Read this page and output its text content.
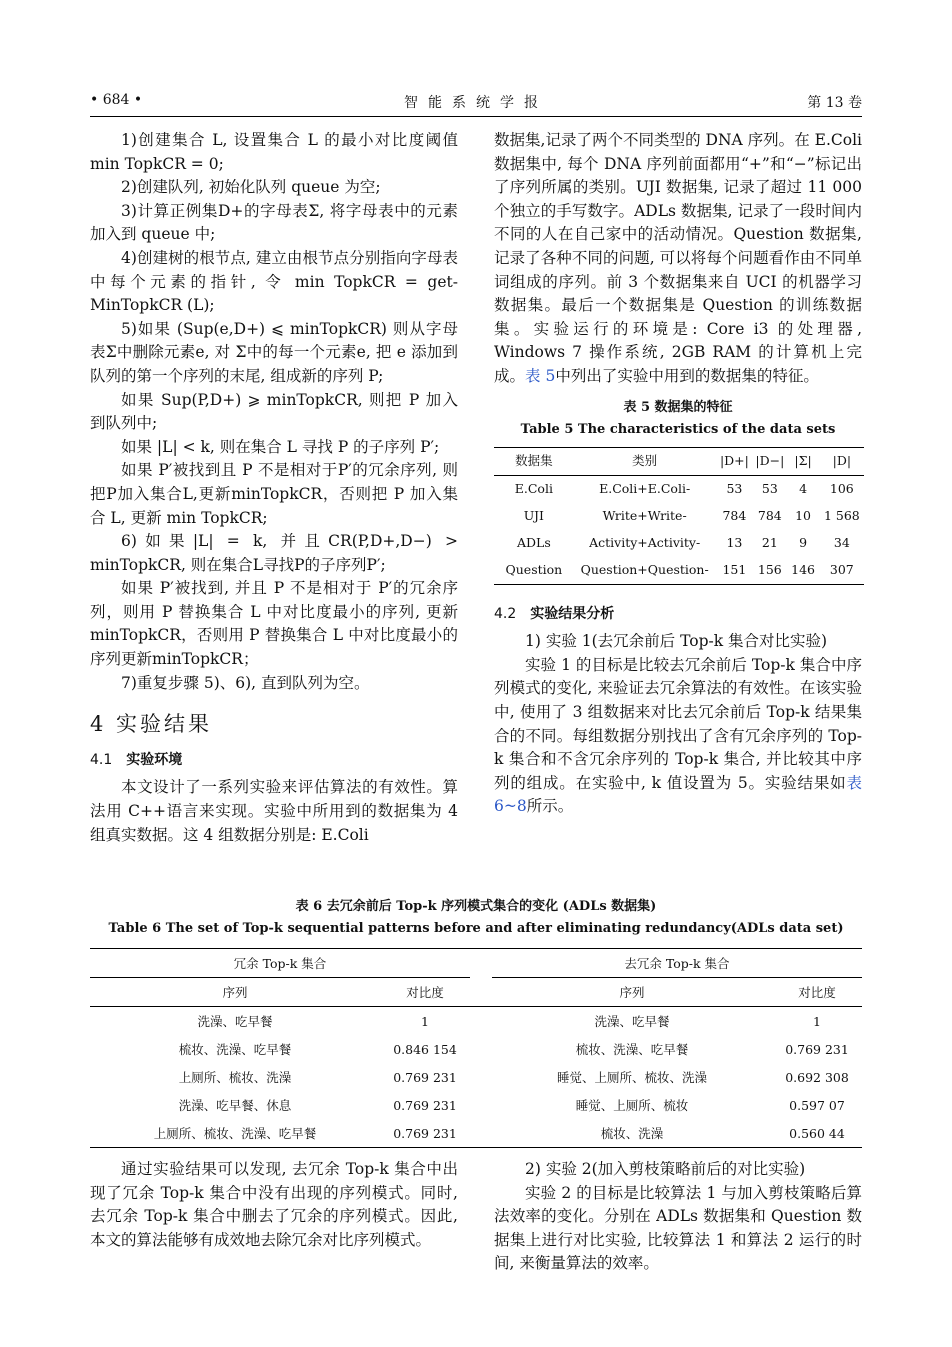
• 684 •	智能系统学报	第 13 卷

1)创建集合 L, 设置集合 L 的最小对比度阈值min TopkCR = 0;

2)创建队列, 初始化队列 queue 为空;

3)计算正例集D+的字母表Σ, 将字母表中的元素加入到 queue 中;

4)创建树的根节点, 建立由根节点分别指向字母表中每个元素的指针, 令 min TopkCR = get-MinTopkCR (L);

5)如果 (Sup(e,D+) ⩽ minTopkCR) 则从字母表Σ中删除元素e, 对 Σ中的每一个元素e, 把 e 添加到队列的第一个序列的末尾, 组成新的序列 P;

如果 Sup(P,D+) ⩾ minTopkCR, 则把 P 加入到队列中;

如果 |L| < k, 则在集合 L 寻找 P 的子序列 P′;

如果 P′被找到且 P 不是相对于P′的冗余序列, 则把P加入集合L,更新minTopkCR，否则把 P 加入集合 L, 更新 min TopkCR;

6)如果|L| = k, 并且CR(P,D+,D−) > minTopkCR, 则在集合L寻找P的子序列P′;

如果 P′被找到, 并且 P 不是相对于 P′的冗余序列，则用 P 替换集合 L 中对比度最小的序列, 更新minTopkCR，否则用 P 替换集合 L 中对比度最小的序列更新minTopkCR；

7)重复步骤 5)、6), 直到队列为空。

4 实验结果
4.1 实验环境

本文设计了一系列实验来评估算法的有效性。算法用 C++语言来实现。实验中所用到的数据集为 4 组真实数据。这 4 组数据分别是: E.Coli

数据集,记录了两个不同类型的 DNA 序列。在 E.Coli 数据集中, 每个 DNA 序列前面都用“+”和“−”标记出了序列所属的类别。UJI 数据集, 记录了超过 11 000 个独立的手写数字。ADLs 数据集, 记录了一段时间内不同的人在自己家中的活动情况。Question 数据集, 记录了各种不同的问题, 可以将每个问题看作由不同单词组成的序列。前 3 个数据集来自 UCI 的机器学习数据集。最后一个数据集是 Question 的训练数据集。实验运行的环境是: Core i3 的处理器, Windows 7 操作系统, 2GB RAM 的计算机上完成。表 5中列出了实验中用到的数据集的特征。

表 5 数据集的特征
Table 5 The characteristics of the data sets
数据集	类别	|D+|	|D−|	|Σ|	|D|
E.Coli	E.Coli+E.Coli-	53	53	4	106
UJI	Write+Write-	784	784	10	1 568
ADLs	Activity+Activity-	13	21	9	34
Question	Question+Question-	151	156	146	307
4.2 实验结果分析

1) 实验 1(去冗余前后 Top-k 集合对比实验)

实验 1 的目标是比较去冗余前后 Top-k 集合中序列模式的变化, 来验证去冗余算法的有效性。在该实验中, 使用了 3 组数据来对比去冗余前后 Top-k 结果集合的不同。每组数据分别找出了含有冗余序列的 Top-k 集合和不含冗余序列的 Top-k 集合, 并比较其中序列的组成。在实验中, k 值设置为 5。实验结果如表 6~8所示。

表 6 去冗余前后 Top-k 序列模式集合的变化 (ADLs 数据集)
Table 6 The set of Top-k sequential patterns before and after eliminating redundancy(ADLs data set)
冗余 Top-k 集合			去冗余 Top-k 集合	
序列	对比度		序列	对比度
洗澡、吃早餐	1		洗澡、吃早餐	1
梳妆、洗澡、吃早餐	0.846 154		梳妆、洗澡、吃早餐	0.769 231
上厕所、梳妆、洗澡	0.769 231		睡觉、上厕所、梳妆、洗澡	0.692 308
洗澡、吃早餐、休息	0.769 231		睡觉、上厕所、梳妆	0.597 07
上厕所、梳妆、洗澡、吃早餐	0.769 231		梳妆、洗澡	0.560 44

通过实验结果可以发现, 去冗余 Top-k 集合中出现了冗余 Top-k 集合中没有出现的序列模式。同时, 去冗余 Top-k 集合中删去了冗余的序列模式。因此, 本文的算法能够有成效地去除冗余对比序列模式。

2) 实验 2(加入剪枝策略前后的对比实验)

实验 2 的目标是比较算法 1 与加入剪枝策略后算法效率的变化。分别在 ADLs 数据集和 Question 数据集上进行对比实验, 比较算法 1 和算法 2 运行的时间, 来衡量算法的效率。
